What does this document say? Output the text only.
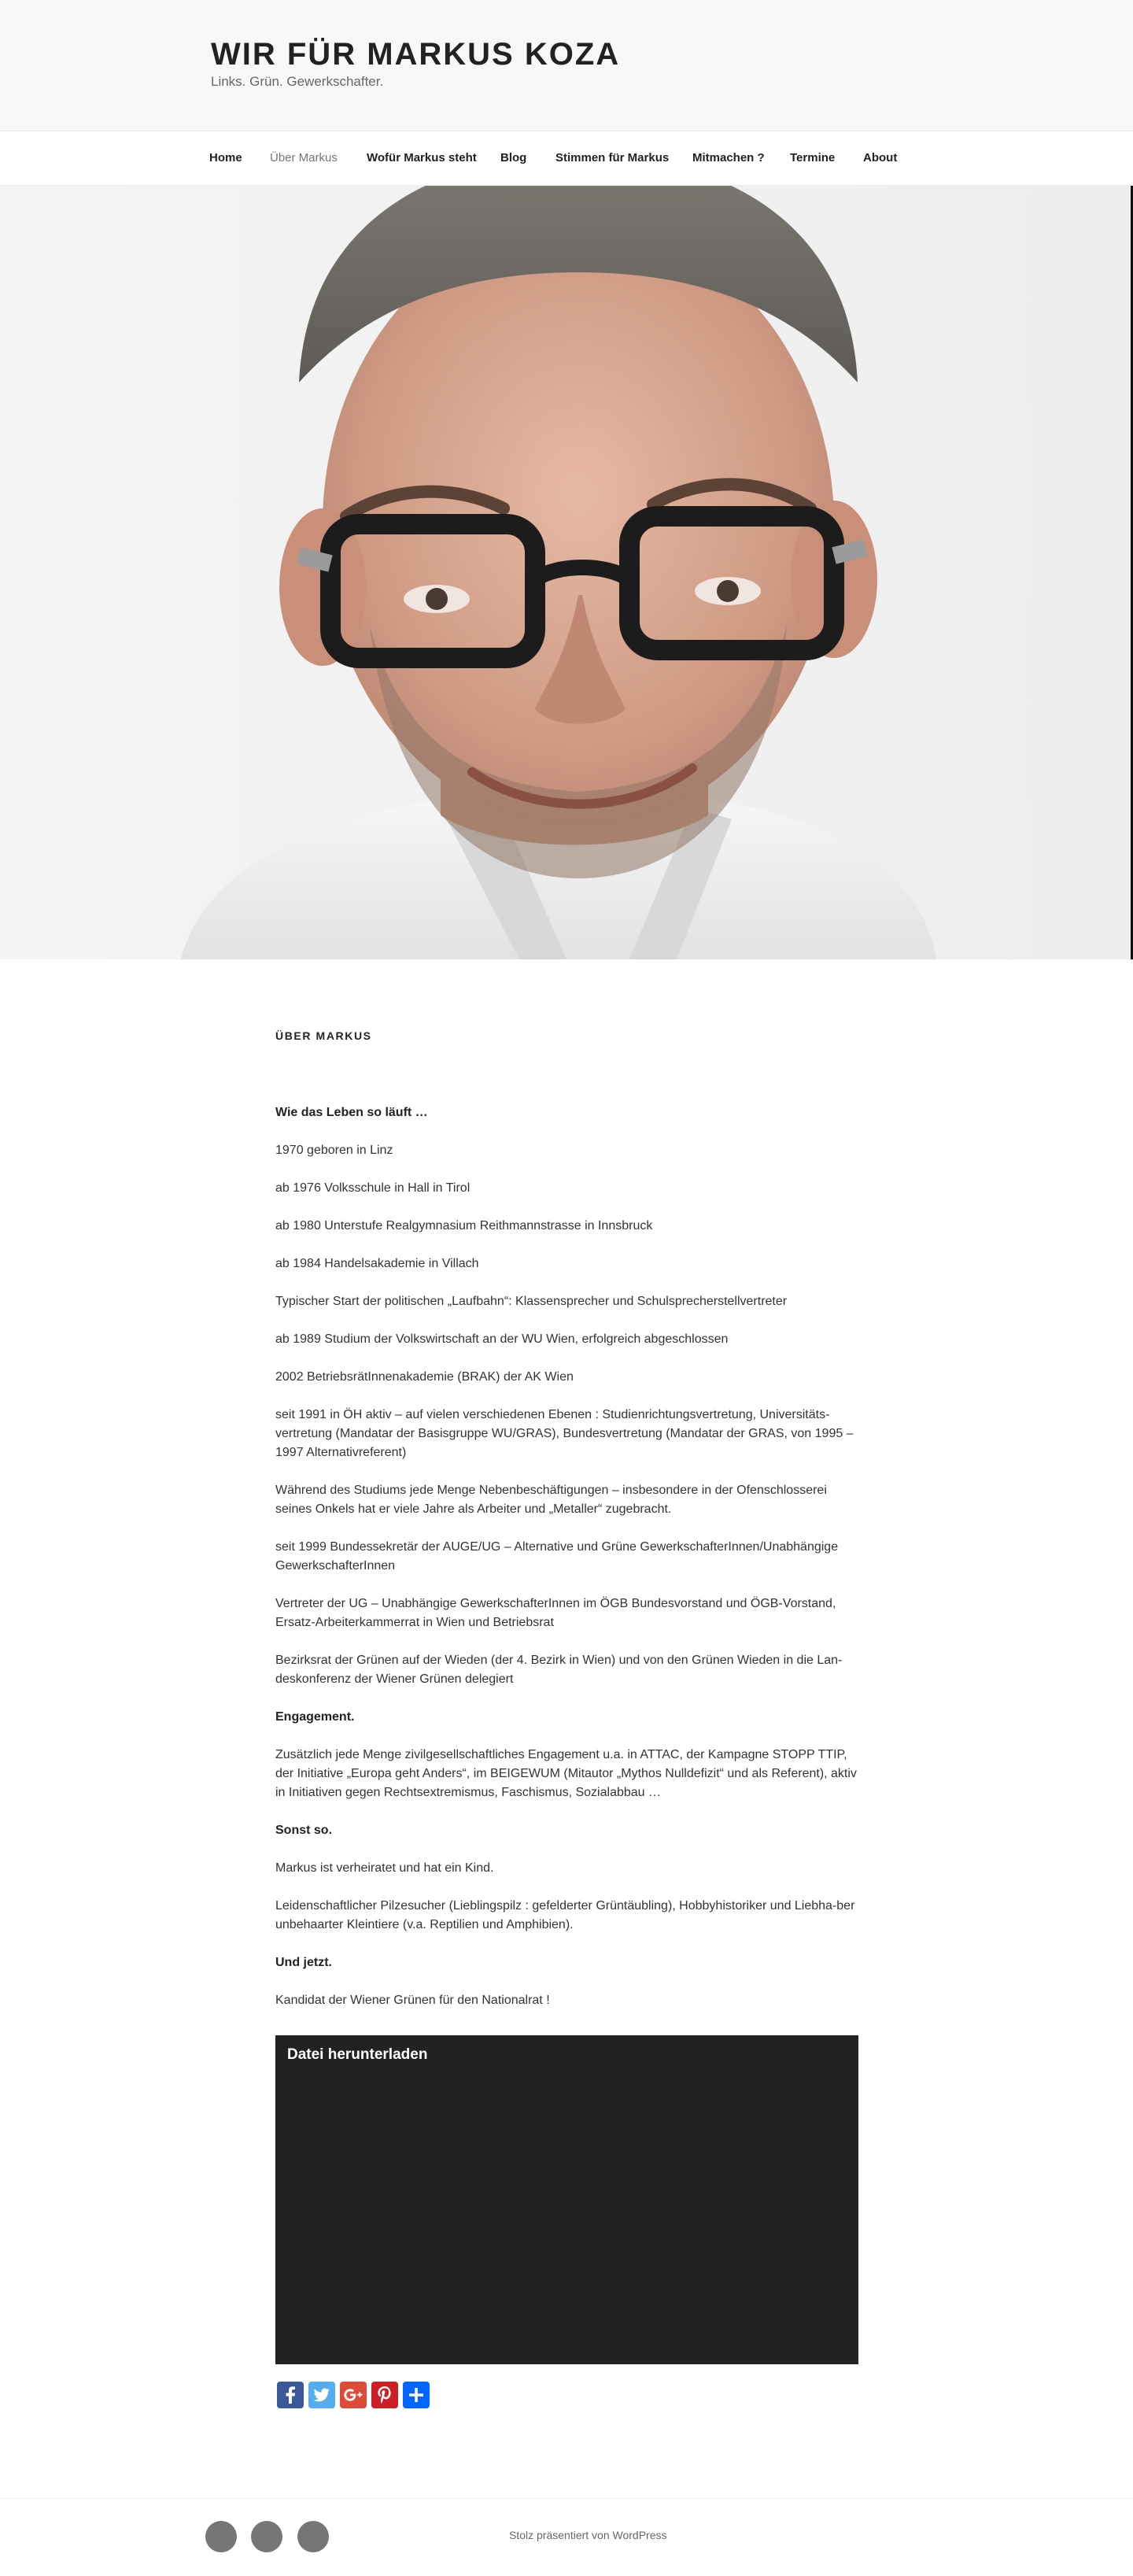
WIR FÜR MARKUS KOZA

Links. Grün. Gewerkschafter.

Home Über Markus Wofür Markus steht Blog Stimmen für Markus Mitmachen ? Termine About
ÜBER MARKUS

Wie das Leben so läuft …

1970 geboren in Linz

ab 1976 Volksschule in Hall in Tirol

ab 1980 Unterstufe Realgymnasium Reithmannstrasse in Innsbruck

ab 1984 Handelsakademie in Villach

Typischer Start der politischen „Laufbahn“: Klassensprecher und Schulsprecherstellvertreter

ab 1989 Studium der Volkswirtschaft an der WU Wien, erfolgreich abgeschlossen

2002 BetriebsrätInnenakademie (BRAK) der AK Wien

seit 1991 in ÖH aktiv – auf vielen verschiedenen Ebenen : Studienrichtungsvertretung, Universitäts-vertretung (Mandatar der Basisgruppe WU/GRAS), Bundesvertretung (Mandatar der GRAS, von 1995 – 1997 Alternativreferent)

Während des Studiums jede Menge Nebenbeschäftigungen – insbesondere in der Ofenschlosserei seines Onkels hat er viele Jahre als Arbeiter und „Metaller“ zugebracht.

seit 1999 Bundessekretär der AUGE/UG – Alternative und Grüne GewerkschafterInnen/Unabhängige GewerkschafterInnen

Vertreter der UG – Unabhängige GewerkschafterInnen im ÖGB Bundesvorstand und ÖGB-Vorstand, Ersatz-Arbeiterkammerrat in Wien und Betriebsrat

Bezirksrat der Grünen auf der Wieden (der 4. Bezirk in Wien) und von den Grünen Wieden in die Lan-deskonferenz der Wiener Grünen delegiert

Engagement.

Zusätzlich jede Menge zivilgesellschaftliches Engagement u.a. in ATTAC, der Kampagne STOPP TTIP, der Initiative „Europa geht Anders“, im BEIGEWUM (Mitautor „Mythos Nulldefizit“ und als Referent), aktiv in Initiativen gegen Rechtsextremismus, Faschismus, Sozialabbau …

Sonst so.

Markus ist verheiratet und hat ein Kind.

Leidenschaftlicher Pilzesucher (Lieblingspilz : gefelderter Grüntäubling), Hobbyhistoriker und Liebha-ber unbehaarter Kleintiere (v.a. Reptilien und Amphibien).

Und jetzt.

Kandidat der Wiener Grünen für den Nationalrat !

Datei herunterladen
Stolz präsentiert von WordPress
